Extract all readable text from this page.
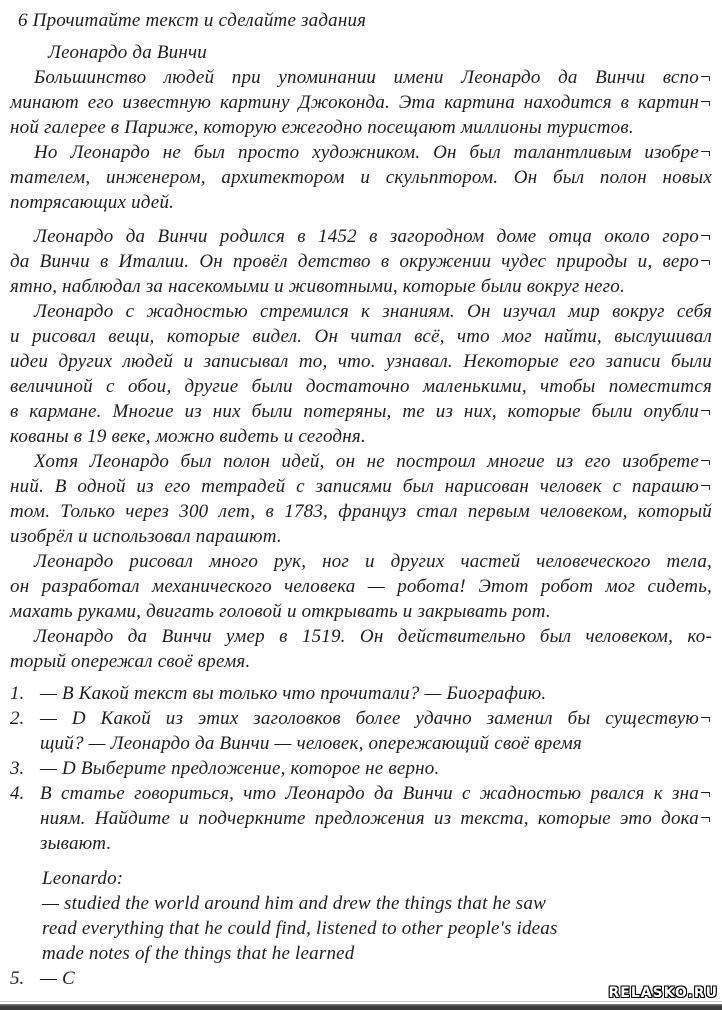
6 Прочитайте текст и сделайте задания
Леонардо да Винчи
Большинство людей при упоминании имени Леонардо да Винчи вспо¬
минают его известную картину Джоконда. Эта картина находится в картин¬
ной галерее в Париже, которую ежегодно посещают миллионы туристов.
Но Леонардо не был просто художником. Он был талантливым изобре¬
тателем, инженером, архитектором и скульптором. Он был полон новых
потрясающих идей.
Леонардо да Винчи родился в 1452 в загородном доме отца около горо¬
да Винчи в Италии. Он провёл детство в окружении чудес природы и, веро¬
ятно, наблюдал за насекомыми и животными, которые были вокруг него.
Леонардо с жадностью стремился к знаниям. Он изучал мир вокруг себя
и рисовал вещи, которые видел. Он читал всё, что мог найти, выслушивал
идеи других людей и записывал то, что. узнавал. Некоторые его записи были
величиной с обои, другие были достаточно маленькими, чтобы поместится
в кармане. Многие из них были потеряны, те из них, которые были опубли¬
кованы в 19 веке, можно видеть и сегодня.
Хотя Леонардо был полон идей, он не построил многие из его изобрете¬
ний. В одной из его тетрадей с записями был нарисован человек с парашю¬
том. Только через 300 лет, в 1783, француз стал первым человеком, который
изобрёл и использовал парашют.
Леонардо рисовал много рук, ног и других частей человеческого тела,
он разработал механического человека — робота! Этот робот мог сидеть,
махать руками, двигать головой и открывать и закрывать рот.
Леонардо да Винчи умер в 1519. Он действительно был человеком, ко-
торый опережал своё время.
1. — В Какой текст вы только что прочитали? — Биографию.
2. — D Какой из этих заголовков более удачно заменил бы существую¬
щий? — Леонардо да Винчи — человек, опережающий своё время
3. — D Выберите предложение, которое не верно.
4. В статье говориться, что Леонардо да Винчи с жадностью рвался к зна¬
ниям. Найдите и подчеркните предложения из текста, которые это дока¬
зывают.
Leonardo:
— studied the world around him and drew the things that he saw
read everything that he could find, listened to other people's ideas
made notes of the things that he learned
5. — C
RELASKO.RU
